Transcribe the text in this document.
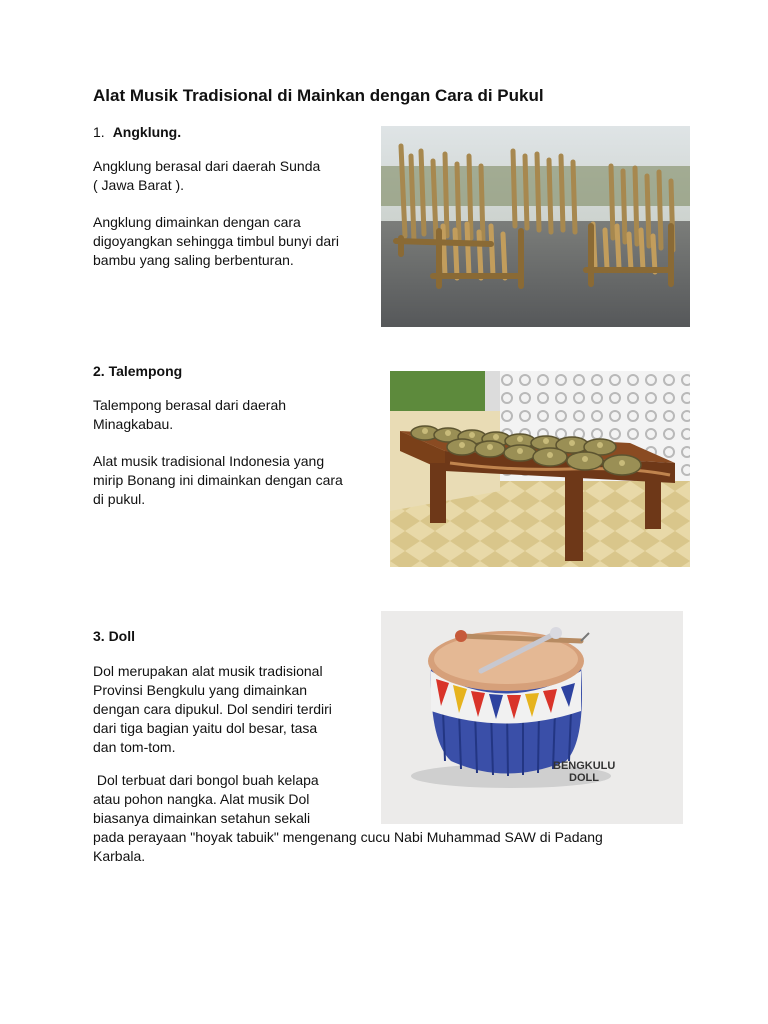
Alat Musik Tradisional di Mainkan dengan Cara di Pukul

1. Angklung.

Angklung berasal dari daerah Sunda
( Jawa Barat ).

Angklung dimainkan dengan cara
digoyangkan sehingga timbul bunyi dari
bambu yang saling berbenturan.

2. Talempong

Talempong berasal dari daerah
Minagkabau.

Alat musik tradisional Indonesia yang
mirip Bonang ini dimainkan dengan cara
di pukul.

3. Doll

Dol merupakan alat musik tradisional
Provinsi Bengkulu yang dimainkan
dengan cara dipukul. Dol sendiri terdiri
dari tiga bagian yaitu dol besar, tasa
dan tom-tom.

Dol terbuat dari bongol buah kelapa
atau pohon nangka. Alat musik Dol
biasanya dimainkan setahun sekali
pada perayaan "hoyak tabuik" mengenang cucu Nabi Muhammad SAW di Padang
Karbala.

BENGKULU
DOLL
